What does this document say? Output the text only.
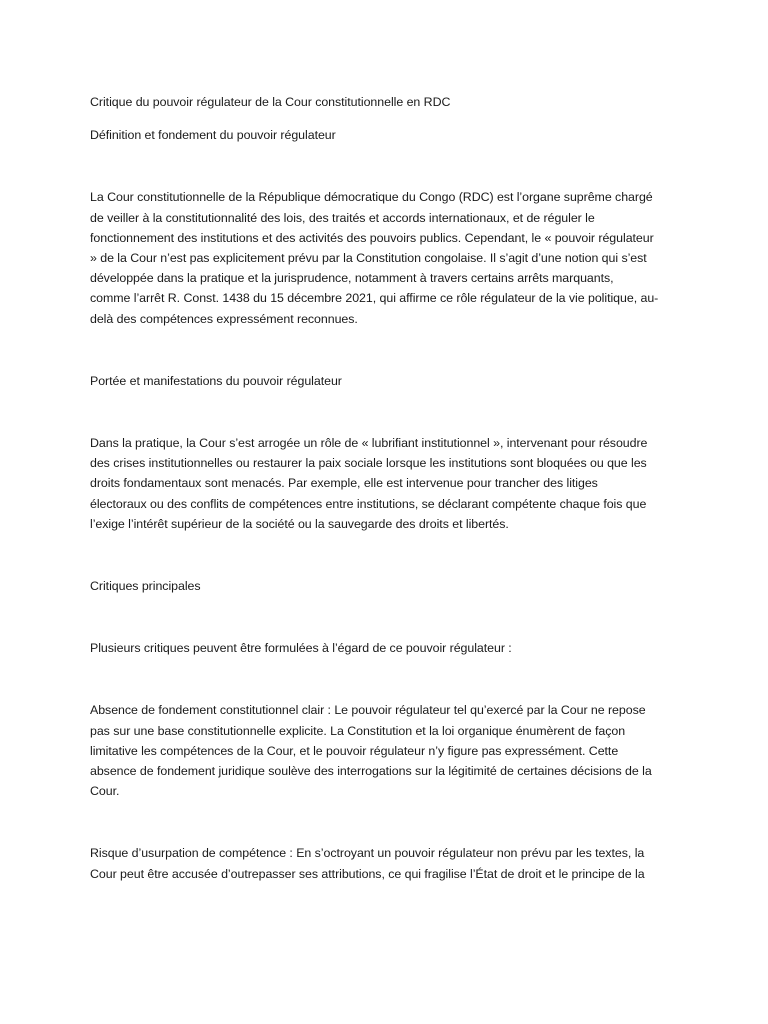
Critique du pouvoir régulateur de la Cour constitutionnelle en RDC

Définition et fondement du pouvoir régulateur

La Cour constitutionnelle de la République démocratique du Congo (RDC) est l’organe suprême chargé
de veiller à la constitutionnalité des lois, des traités et accords internationaux, et de réguler le
fonctionnement des institutions et des activités des pouvoirs publics. Cependant, le « pouvoir régulateur
» de la Cour n’est pas explicitement prévu par la Constitution congolaise. Il s’agit d’une notion qui s’est
développée dans la pratique et la jurisprudence, notamment à travers certains arrêts marquants,
comme l’arrêt R. Const. 1438 du 15 décembre 2021, qui affirme ce rôle régulateur de la vie politique, au-
delà des compétences expressément reconnues.

Portée et manifestations du pouvoir régulateur

Dans la pratique, la Cour s’est arrogée un rôle de « lubrifiant institutionnel », intervenant pour résoudre
des crises institutionnelles ou restaurer la paix sociale lorsque les institutions sont bloquées ou que les
droits fondamentaux sont menacés. Par exemple, elle est intervenue pour trancher des litiges
électoraux ou des conflits de compétences entre institutions, se déclarant compétente chaque fois que
l’exige l’intérêt supérieur de la société ou la sauvegarde des droits et libertés.

Critiques principales

Plusieurs critiques peuvent être formulées à l’égard de ce pouvoir régulateur :

Absence de fondement constitutionnel clair : Le pouvoir régulateur tel qu’exercé par la Cour ne repose
pas sur une base constitutionnelle explicite. La Constitution et la loi organique énumèrent de façon
limitative les compétences de la Cour, et le pouvoir régulateur n’y figure pas expressément. Cette
absence de fondement juridique soulève des interrogations sur la légitimité de certaines décisions de la
Cour.
Risque d’usurpation de compétence : En s’octroyant un pouvoir régulateur non prévu par les textes, la
Cour peut être accusée d’outrepasser ses attributions, ce qui fragilise l’État de droit et le principe de la
